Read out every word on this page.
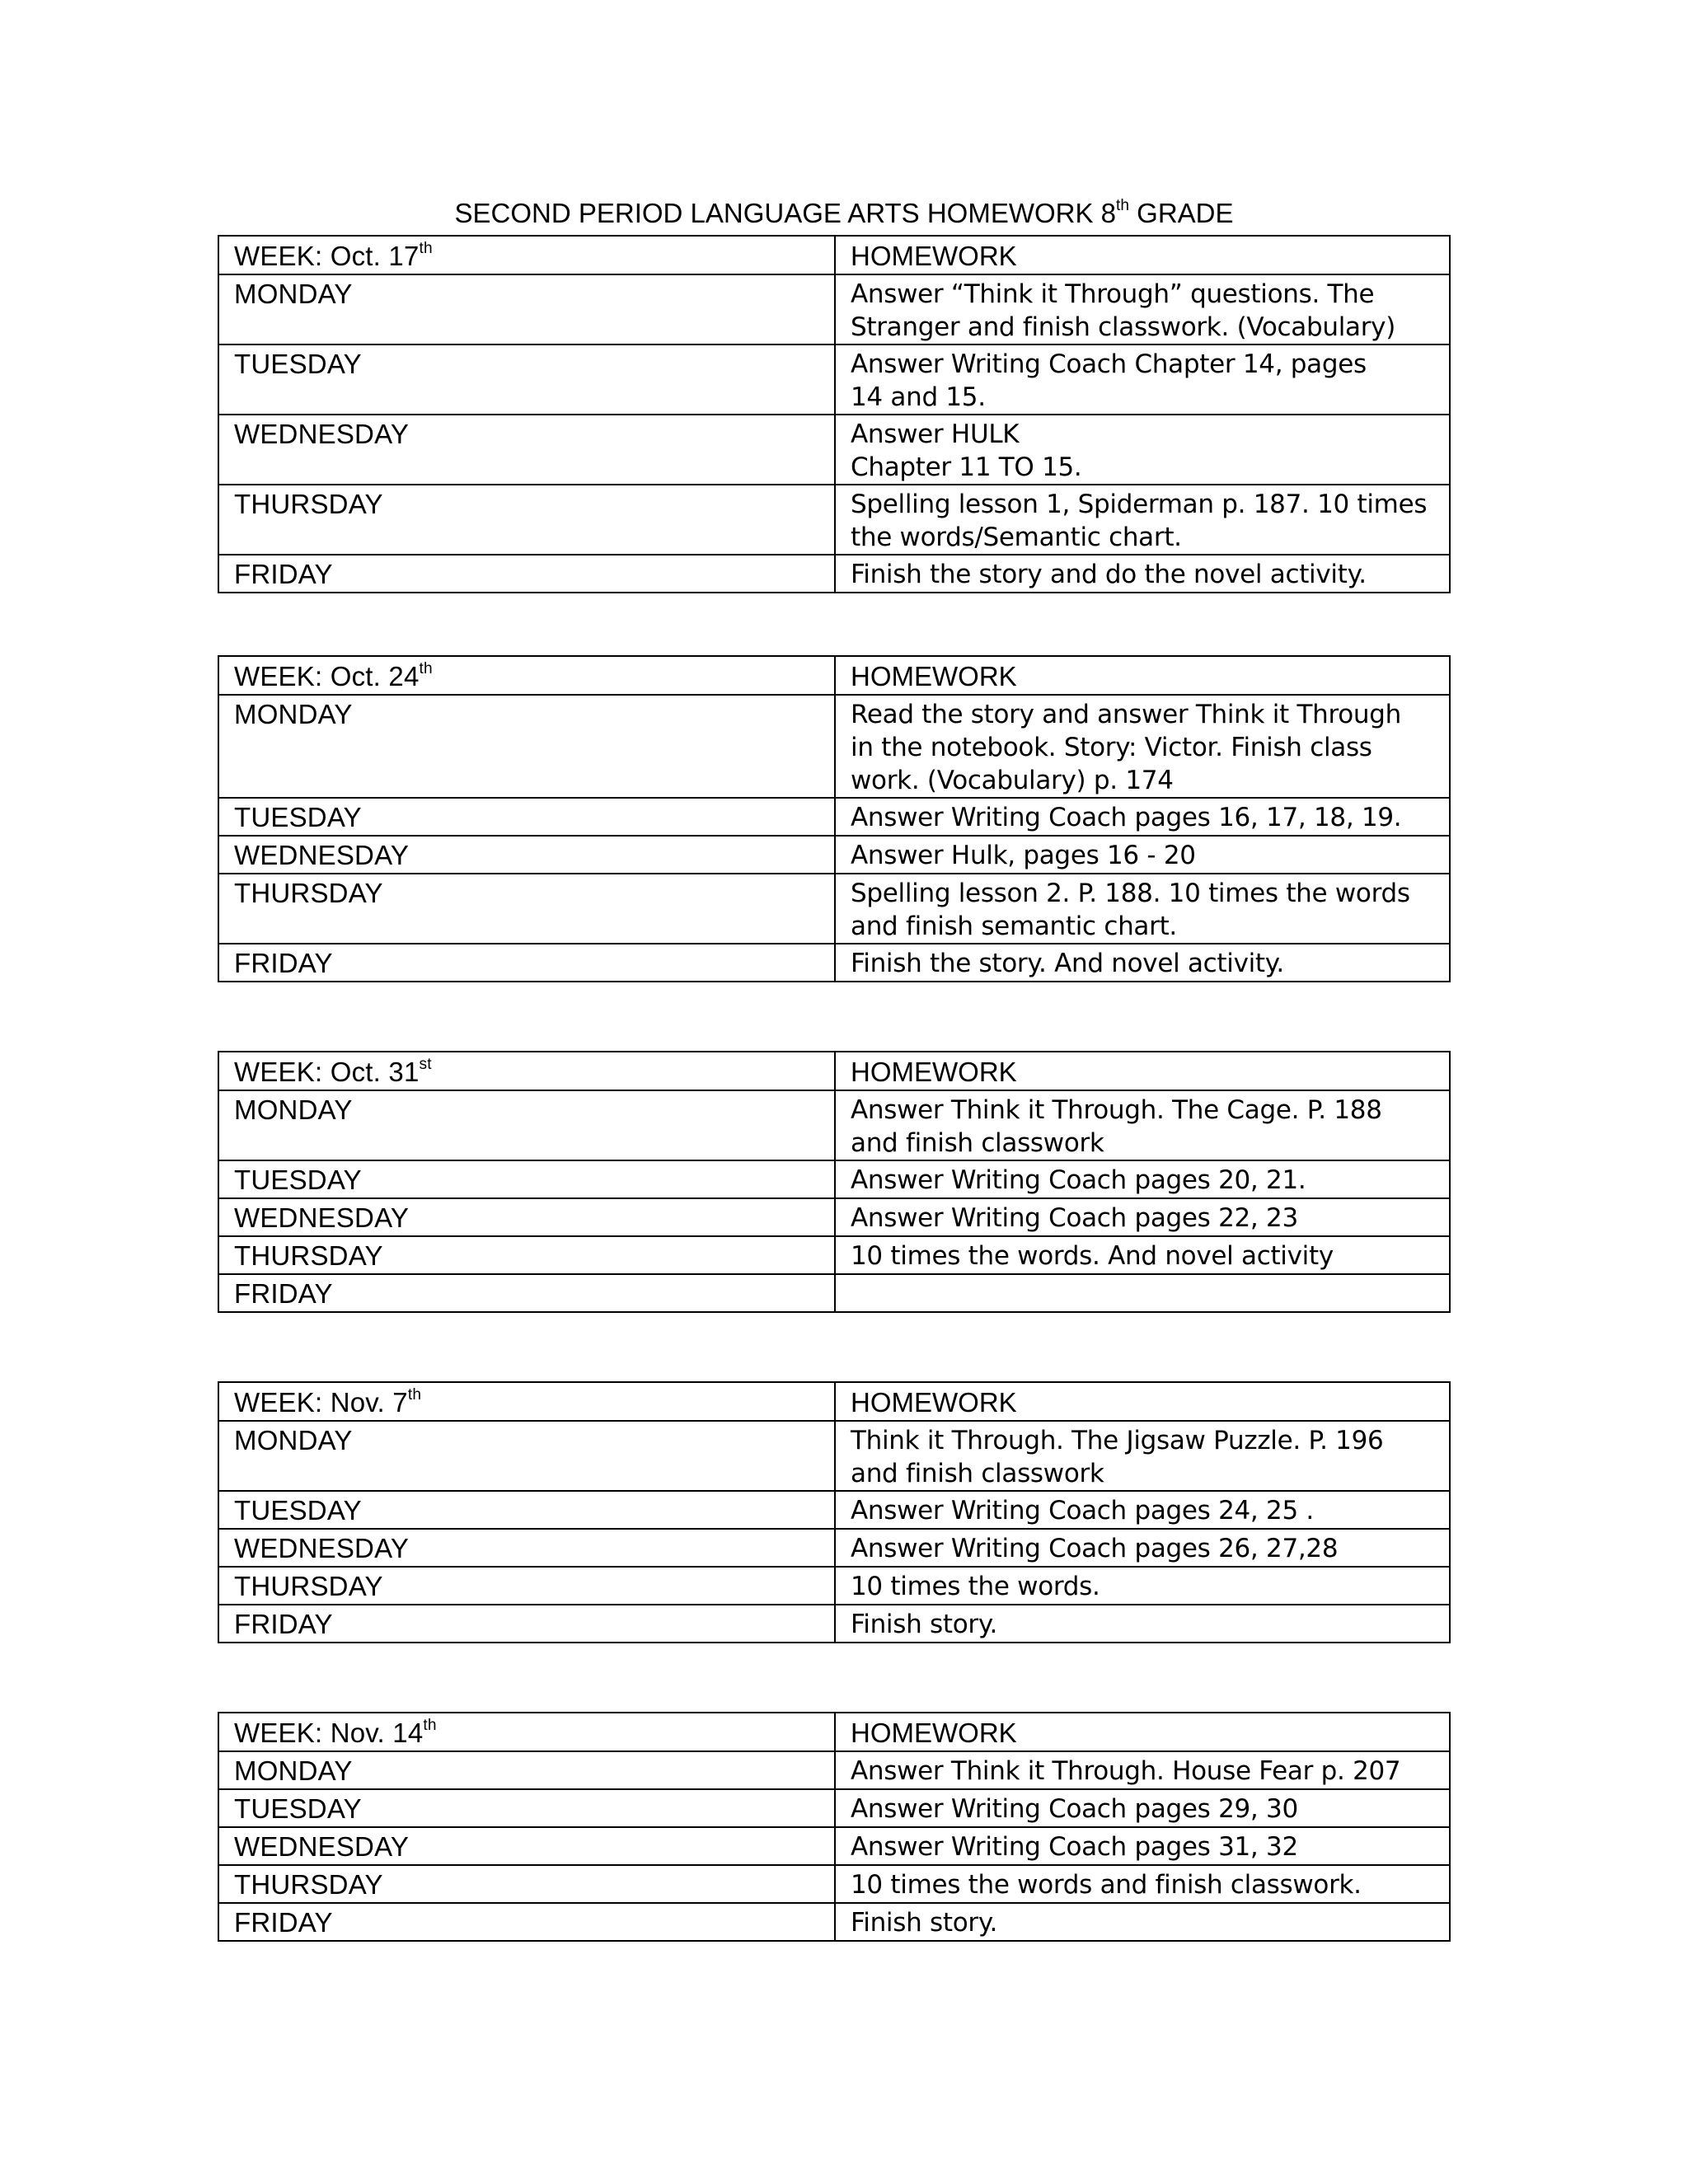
SECOND PERIOD LANGUAGE ARTS HOMEWORK 8th GRADE
WEEK: Oct. 17th	HOMEWORK
MONDAY	Answer “Think it Through” questions. The
Stranger and finish classwork. (Vocabulary)

TUESDAY	Answer Writing Coach Chapter 14, pages
14 and 15.

WEDNESDAY	Answer HULK
Chapter 11 TO 15.

THURSDAY	Spelling lesson 1, Spiderman p. 187. 10 times
the words/Semantic chart.

FRIDAY	Finish the story and do the novel activity.
WEEK: Oct. 24th	HOMEWORK
MONDAY	Read the story and answer Think it Through
in the notebook. Story: Victor. Finish class
work. (Vocabulary) p. 174

TUESDAY	Answer Writing Coach pages 16, 17, 18, 19.

WEDNESDAY	Answer Hulk, pages 16 - 20

THURSDAY	Spelling lesson 2. P. 188. 10 times the words
and finish semantic chart.

FRIDAY	Finish the story. And novel activity.
WEEK: Oct. 31st	HOMEWORK
MONDAY	Answer Think it Through. The Cage. P. 188
and finish classwork

TUESDAY	Answer Writing Coach pages 20, 21.

WEDNESDAY	Answer Writing Coach pages 22, 23

THURSDAY	10 times the words. And novel activity

FRIDAY	
WEEK: Nov. 7th	HOMEWORK
MONDAY	Think it Through. The Jigsaw Puzzle. P. 196
and finish classwork

TUESDAY	Answer Writing Coach pages 24, 25 .

WEDNESDAY	Answer Writing Coach pages 26, 27,28

THURSDAY	10 times the words.

FRIDAY	Finish story.
WEEK: Nov. 14th	HOMEWORK
MONDAY	Answer Think it Through. House Fear p. 207

TUESDAY	Answer Writing Coach pages 29, 30

WEDNESDAY	Answer Writing Coach pages 31, 32

THURSDAY	10 times the words and finish classwork.

FRIDAY	Finish story.
